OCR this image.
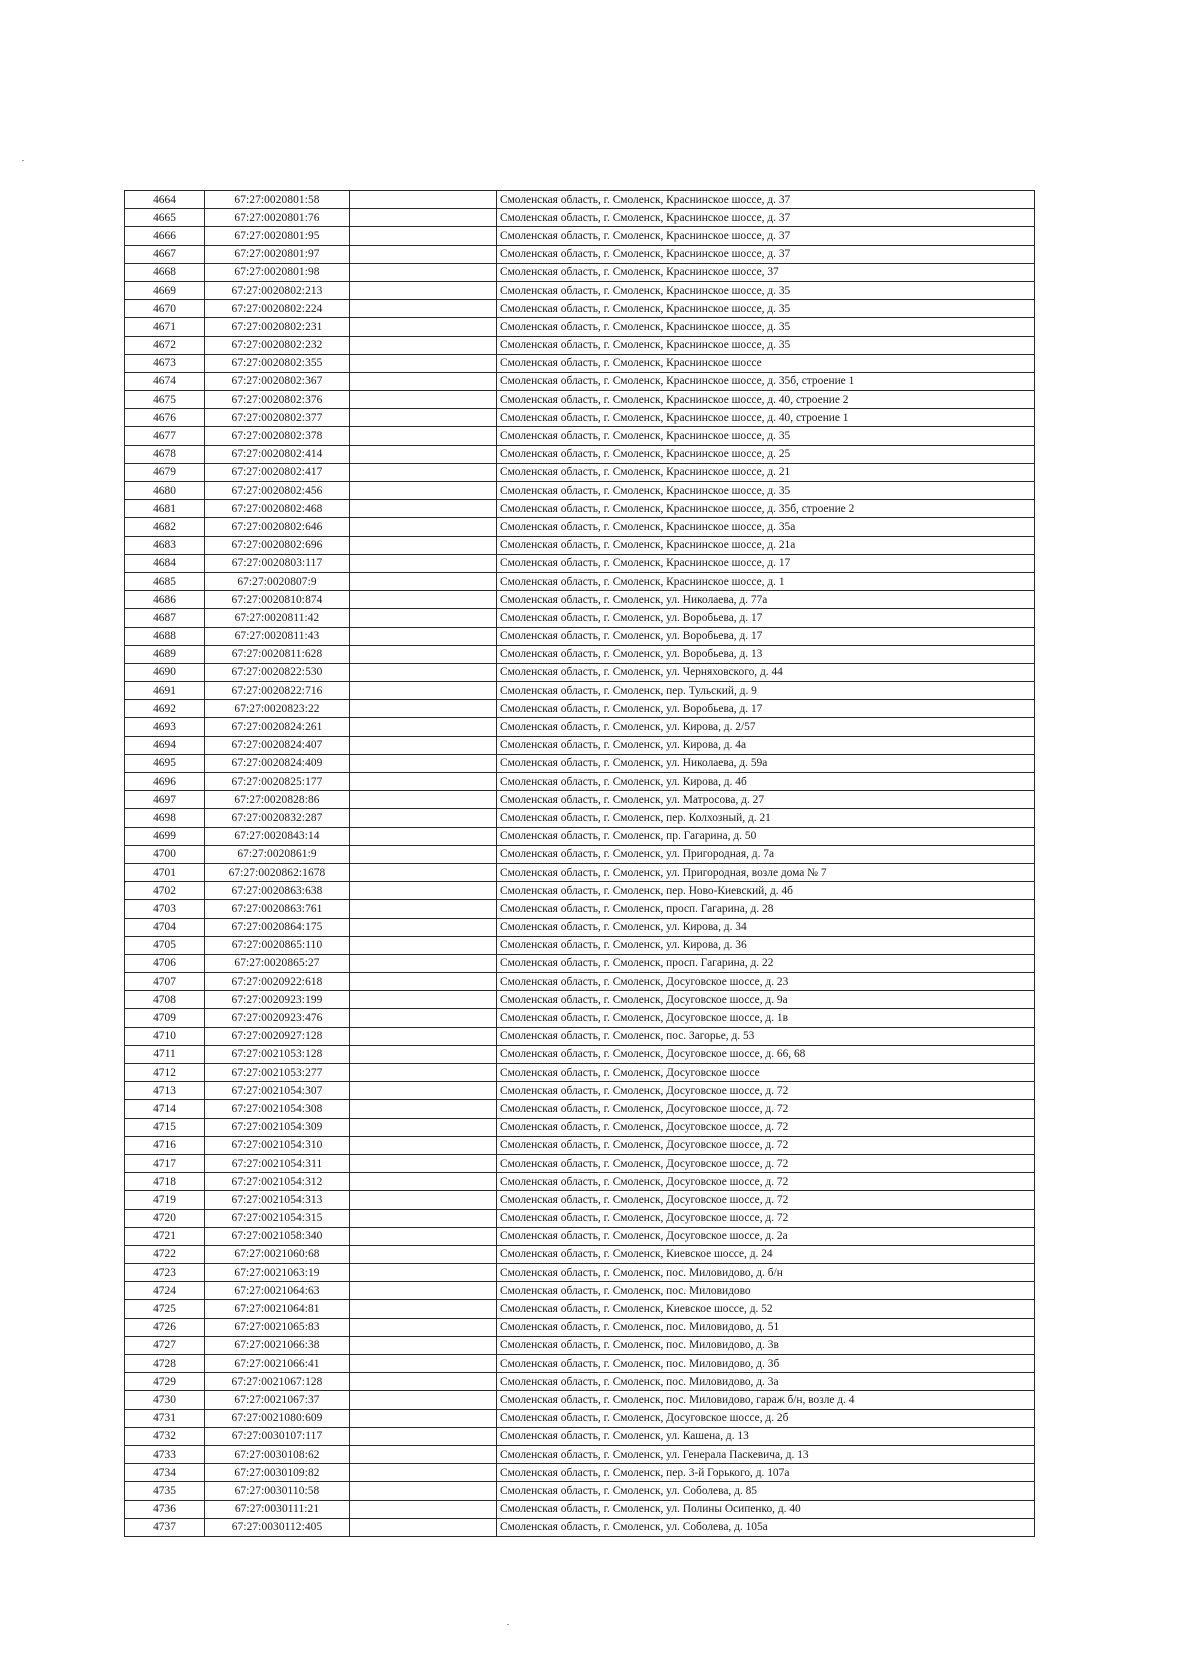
4664	67:27:0020801:58		Смоленская область, г. Смоленск, Краснинское шоссе, д. 37
4665	67:27:0020801:76		Смоленская область, г. Смоленск, Краснинское шоссе, д. 37
4666	67:27:0020801:95		Смоленская область, г. Смоленск, Краснинское шоссе, д. 37
4667	67:27:0020801:97		Смоленская область, г. Смоленск, Краснинское шоссе, д. 37
4668	67:27:0020801:98		Смоленская область, г. Смоленск, Краснинское шоссе, 37
4669	67:27:0020802:213		Смоленская область, г. Смоленск, Краснинское шоссе, д. 35
4670	67:27:0020802:224		Смоленская область, г. Смоленск, Краснинское шоссе, д. 35
4671	67:27:0020802:231		Смоленская область, г. Смоленск, Краснинское шоссе, д. 35
4672	67:27:0020802:232		Смоленская область, г. Смоленск, Краснинское шоссе, д. 35
4673	67:27:0020802:355		Смоленская область, г. Смоленск, Краснинское шоссе
4674	67:27:0020802:367		Смоленская область, г. Смоленск, Краснинское шоссе, д. 35б, строение 1
4675	67:27:0020802:376		Смоленская область, г. Смоленск, Краснинское шоссе, д. 40, строение 2
4676	67:27:0020802:377		Смоленская область, г. Смоленск, Краснинское шоссе, д. 40, строение 1
4677	67:27:0020802:378		Смоленская область, г. Смоленск, Краснинское шоссе, д. 35
4678	67:27:0020802:414		Смоленская область, г. Смоленск, Краснинское шоссе, д. 25
4679	67:27:0020802:417		Смоленская область, г. Смоленск, Краснинское шоссе, д. 21
4680	67:27:0020802:456		Смоленская область, г. Смоленск, Краснинское шоссе, д. 35
4681	67:27:0020802:468		Смоленская область, г. Смоленск, Краснинское шоссе, д. 35б, строение 2
4682	67:27:0020802:646		Смоленская область, г. Смоленск, Краснинское шоссе, д. 35а
4683	67:27:0020802:696		Смоленская область, г. Смоленск, Краснинское шоссе, д. 21а
4684	67:27:0020803:117		Смоленская область, г. Смоленск, Краснинское шоссе, д. 17
4685	67:27:0020807:9		Смоленская область, г. Смоленск, Краснинское шоссе, д. 1
4686	67:27:0020810:874		Смоленская область, г. Смоленск, ул. Николаева, д. 77а
4687	67:27:0020811:42		Смоленская область, г. Смоленск, ул. Воробьева, д. 17
4688	67:27:0020811:43		Смоленская область, г. Смоленск, ул. Воробьева, д. 17
4689	67:27:0020811:628		Смоленская область, г. Смоленск, ул. Воробьева, д. 13
4690	67:27:0020822:530		Смоленская область, г. Смоленск, ул. Черняховского, д. 44
4691	67:27:0020822:716		Смоленская область, г. Смоленск, пер. Тульский, д. 9
4692	67:27:0020823:22		Смоленская область, г. Смоленск, ул. Воробьева, д. 17
4693	67:27:0020824:261		Смоленская область, г. Смоленск, ул. Кирова, д. 2/57
4694	67:27:0020824:407		Смоленская область, г. Смоленск, ул. Кирова, д. 4а
4695	67:27:0020824:409		Смоленская область, г. Смоленск, ул. Николаева, д. 59а
4696	67:27:0020825:177		Смоленская область, г. Смоленск, ул. Кирова, д. 4б
4697	67:27:0020828:86		Смоленская область, г. Смоленск, ул. Матросова, д. 27
4698	67:27:0020832:287		Смоленская область, г. Смоленск, пер. Колхозный, д. 21
4699	67:27:0020843:14		Смоленская область, г. Смоленск, пр. Гагарина, д. 50
4700	67:27:0020861:9		Смоленская область, г. Смоленск, ул. Пригородная, д. 7а
4701	67:27:0020862:1678		Смоленская область, г. Смоленск, ул. Пригородная, возле дома № 7
4702	67:27:0020863:638		Смоленская область, г. Смоленск, пер. Ново-Киевский, д. 4б
4703	67:27:0020863:761		Смоленская область, г. Смоленск, просп. Гагарина, д. 28
4704	67:27:0020864:175		Смоленская область, г. Смоленск, ул. Кирова, д. 34
4705	67:27:0020865:110		Смоленская область, г. Смоленск, ул. Кирова, д. 36
4706	67:27:0020865:27		Смоленская область, г. Смоленск, просп. Гагарина, д. 22
4707	67:27:0020922:618		Смоленская область, г. Смоленск, Досуговское шоссе, д. 23
4708	67:27:0020923:199		Смоленская область, г. Смоленск, Досуговское шоссе, д. 9а
4709	67:27:0020923:476		Смоленская область, г. Смоленск, Досуговское шоссе, д. 1в
4710	67:27:0020927:128		Смоленская область, г. Смоленск, пос. Загорье, д. 53
4711	67:27:0021053:128		Смоленская область, г. Смоленск, Досуговское шоссе, д. 66, 68
4712	67:27:0021053:277		Смоленская область, г. Смоленск, Досуговское шоссе
4713	67:27:0021054:307		Смоленская область, г. Смоленск, Досуговское шоссе, д. 72
4714	67:27:0021054:308		Смоленская область, г. Смоленск, Досуговское шоссе, д. 72
4715	67:27:0021054:309		Смоленская область, г. Смоленск, Досуговское шоссе, д. 72
4716	67:27:0021054:310		Смоленская область, г. Смоленск, Досуговское шоссе, д. 72
4717	67:27:0021054:311		Смоленская область, г. Смоленск, Досуговское шоссе, д. 72
4718	67:27:0021054:312		Смоленская область, г. Смоленск, Досуговское шоссе, д. 72
4719	67:27:0021054:313		Смоленская область, г. Смоленск, Досуговское шоссе, д. 72
4720	67:27:0021054:315		Смоленская область, г. Смоленск, Досуговское шоссе, д. 72
4721	67:27:0021058:340		Смоленская область, г. Смоленск, Досуговское шоссе, д. 2а
4722	67:27:0021060:68		Смоленская область, г. Смоленск, Киевское шоссе, д. 24
4723	67:27:0021063:19		Смоленская область, г. Смоленск, пос. Миловидово, д. б/н
4724	67:27:0021064:63		Смоленская область, г. Смоленск, пос. Миловидово
4725	67:27:0021064:81		Смоленская область, г. Смоленск, Киевское шоссе, д. 52
4726	67:27:0021065:83		Смоленская область, г. Смоленск, пос. Миловидово, д. 51
4727	67:27:0021066:38		Смоленская область, г. Смоленск, пос. Миловидово, д. 3в
4728	67:27:0021066:41		Смоленская область, г. Смоленск, пос. Миловидово, д. 3б
4729	67:27:0021067:128		Смоленская область, г. Смоленск, пос. Миловидово, д. 3а
4730	67:27:0021067:37		Смоленская область, г. Смоленск, пос. Миловидово, гараж б/н, возле д. 4
4731	67:27:0021080:609		Смоленская область, г. Смоленск, Досуговское шоссе, д. 2б
4732	67:27:0030107:117		Смоленская область, г. Смоленск, ул. Кашена, д. 13
4733	67:27:0030108:62		Смоленская область, г. Смоленск, ул. Генерала Паскевича, д. 13
4734	67:27:0030109:82		Смоленская область, г. Смоленск, пер. 3-й Горького, д. 107а
4735	67:27:0030110:58		Смоленская область, г. Смоленск, ул. Соболева, д. 85
4736	67:27:0030111:21		Смоленская область, г. Смоленск, ул. Полины Осипенко, д. 40
4737	67:27:0030112:405		Смоленская область, г. Смоленск, ул. Соболева, д. 105а
